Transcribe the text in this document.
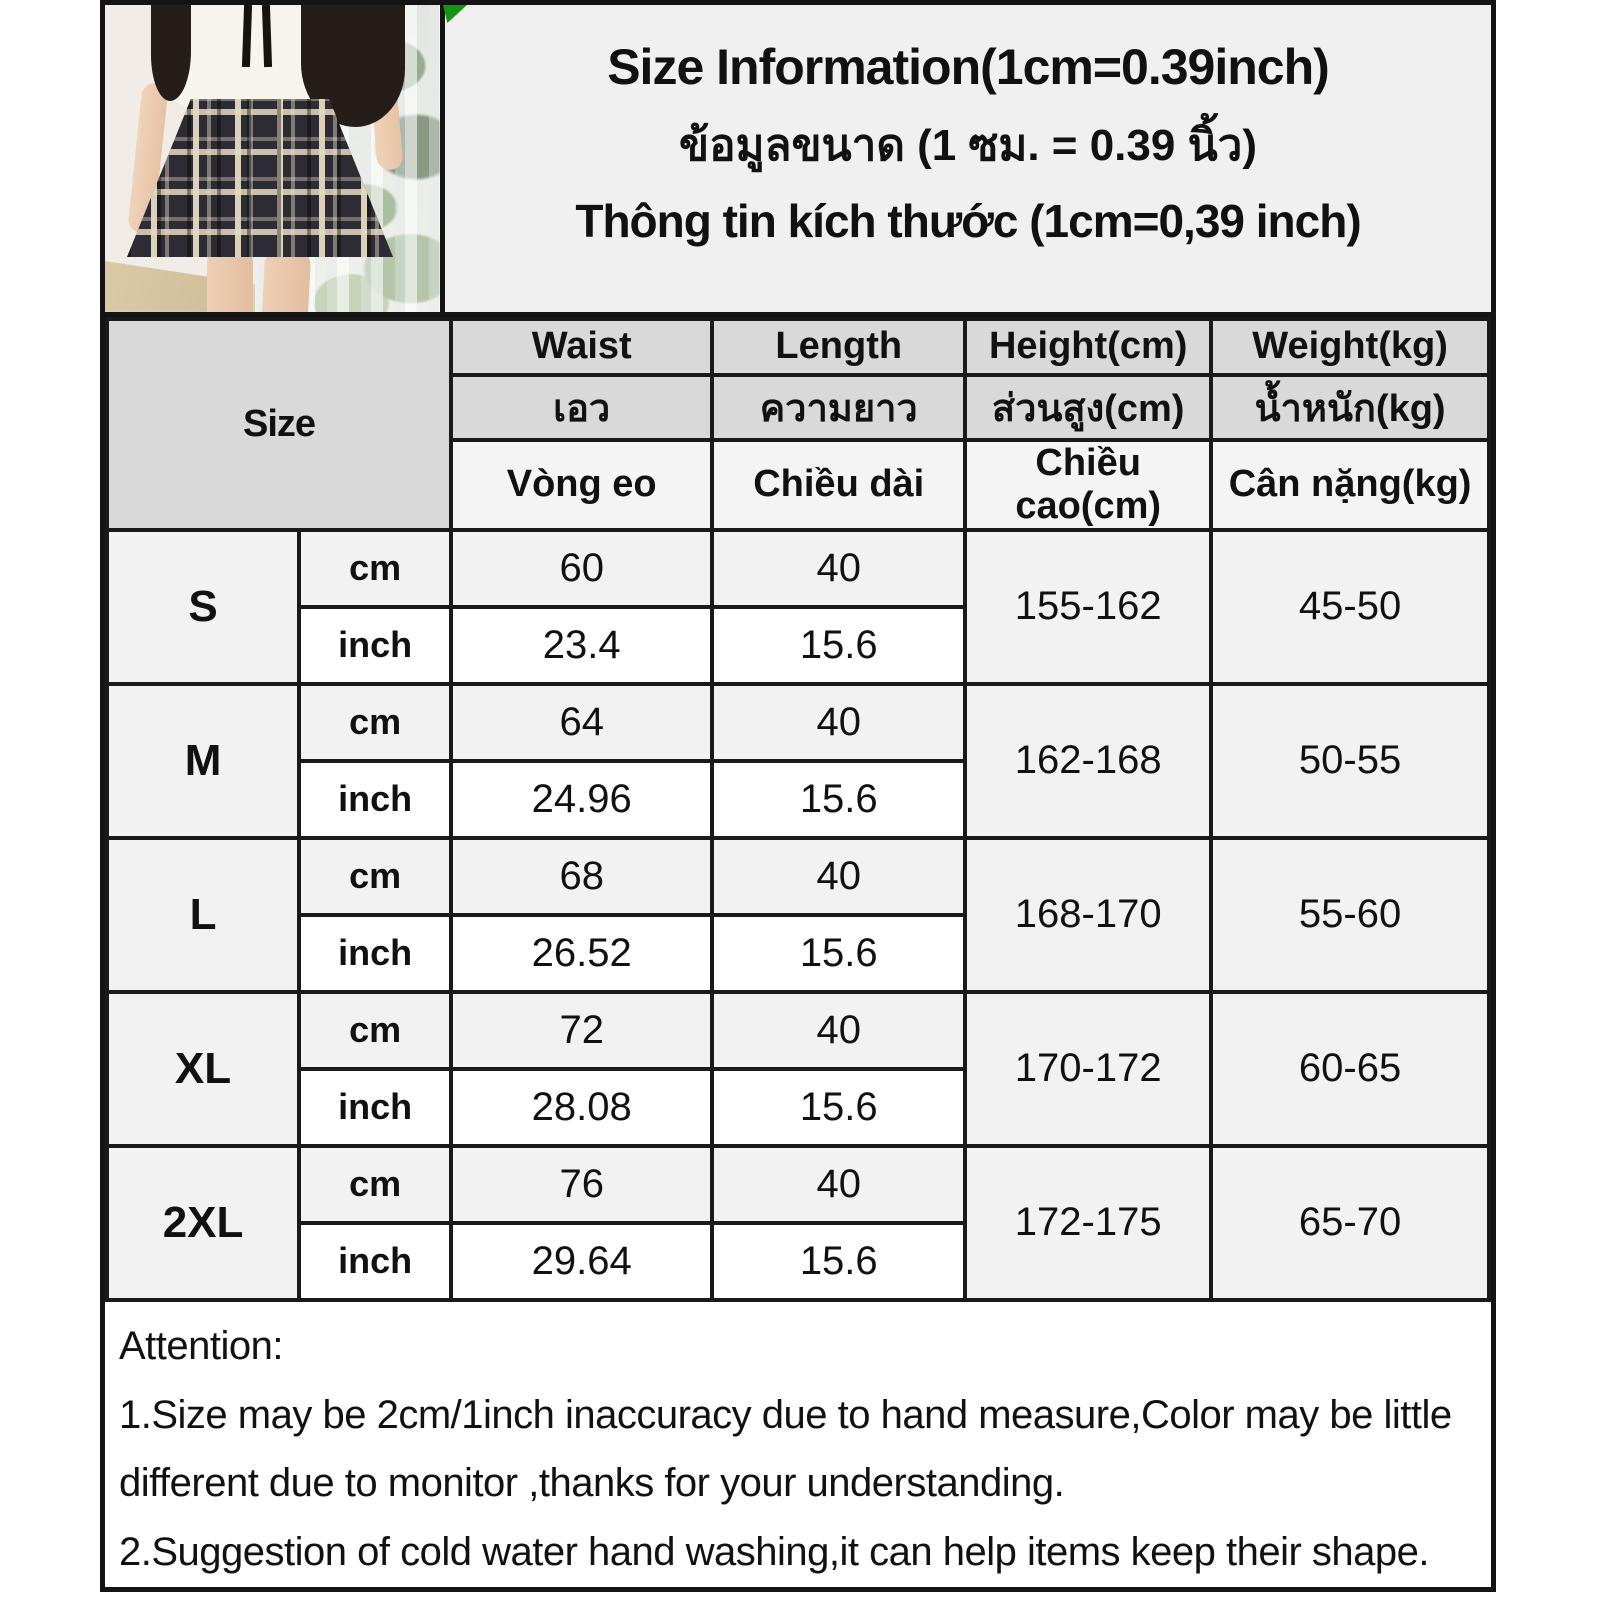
Size Information(1cm=0.39inch)
ข้อมูลขนาด (1 ซม. = 0.39 นิ้ว)
Thông tin kích thước (1cm=0,39 inch)
Size		Waist	Length	Height(cm)	Weight(kg)
		เอว	ความยาว	ส่วนสูง(cm)	น้ำหนัก(kg)
		Vòng eo	Chiều dài	Chiều cao(cm)	Cân nặng(kg)
S	cm	60	40	155-162	45-50
	inch	23.4	15.6		
M	cm	64	40	162-168	50-55
	inch	24.96	15.6		
L	cm	68	40	168-170	55-60
	inch	26.52	15.6		
XL	cm	72	40	170-172	60-65
	inch	28.08	15.6		
2XL	cm	76	40	172-175	65-70
	inch	29.64	15.6		

Attention:

1.Size may be 2cm/1inch inaccuracy due to hand measure,Color may be little different due to monitor ,thanks for your understanding.

2.Suggestion of cold water hand washing,it can help items keep their shape.
